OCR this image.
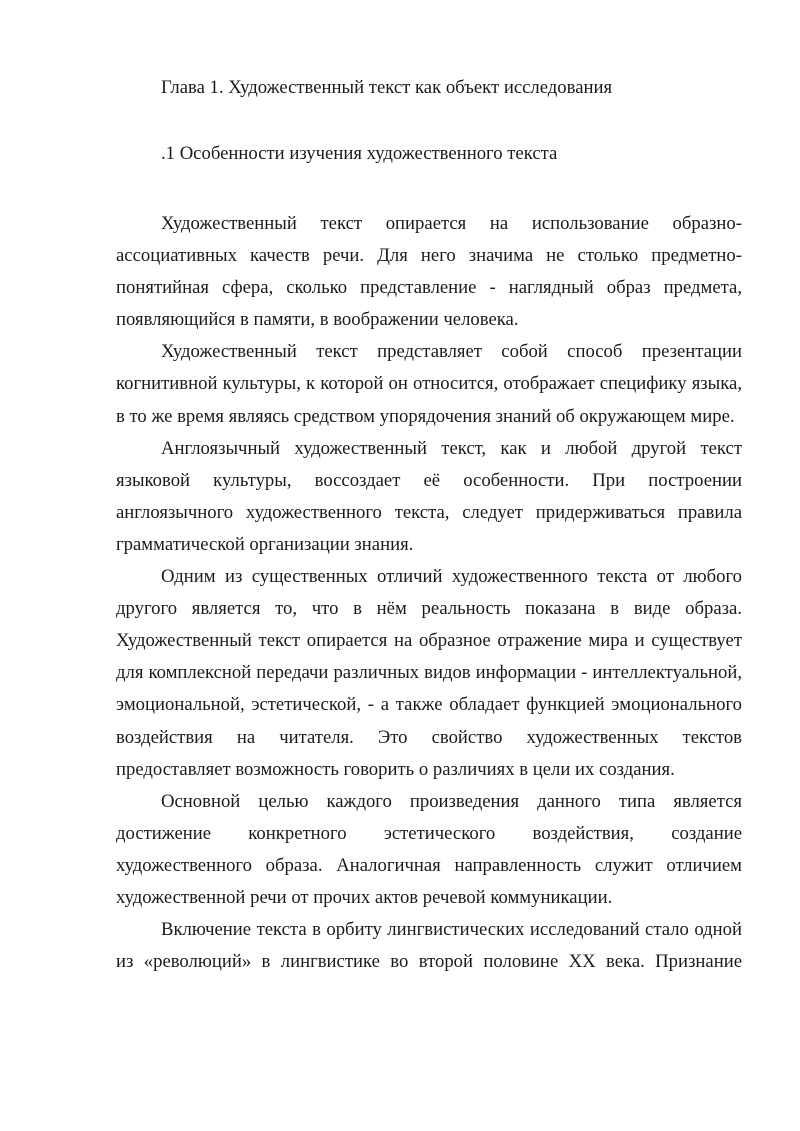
Глава 1. Художественный текст как объект исследования
.1 Особенности изучения художественного текста

Художественный текст опирается на использование образно-ассоциативных качеств речи. Для него значима не столько предметно-понятийная сфера, сколько представление - наглядный образ предмета, появляющийся в памяти, в воображении человека.

Художественный текст представляет собой способ презентации когнитивной культуры, к которой он относится, отображает специфику языка, в то же время являясь средством упорядочения знаний об окружающем мире.

Англоязычный художественный текст, как и любой другой текст языковой культуры, воссоздает её особенности. При построении англоязычного художественного текста, следует придерживаться правила грамматической организации знания.

Одним из существенных отличий художественного текста от любого другого является то, что в нём реальность показана в виде образа. Художественный текст опирается на образное отражение мира и существует для комплексной передачи различных видов информации - интеллектуальной, эмоциональной, эстетической, - а также обладает функцией эмоционального воздействия на читателя. Это свойство художественных текстов предоставляет возможность говорить о различиях в цели их создания.

Основной целью каждого произведения данного типа является достижение конкретного эстетического воздействия, создание художественного образа. Аналогичная направленность служит отличием художественной речи от прочих актов речевой коммуникации.

Включение текста в орбиту лингвистических исследований стало одной из «революций» в лингвистике во второй половине XX века. Признание
